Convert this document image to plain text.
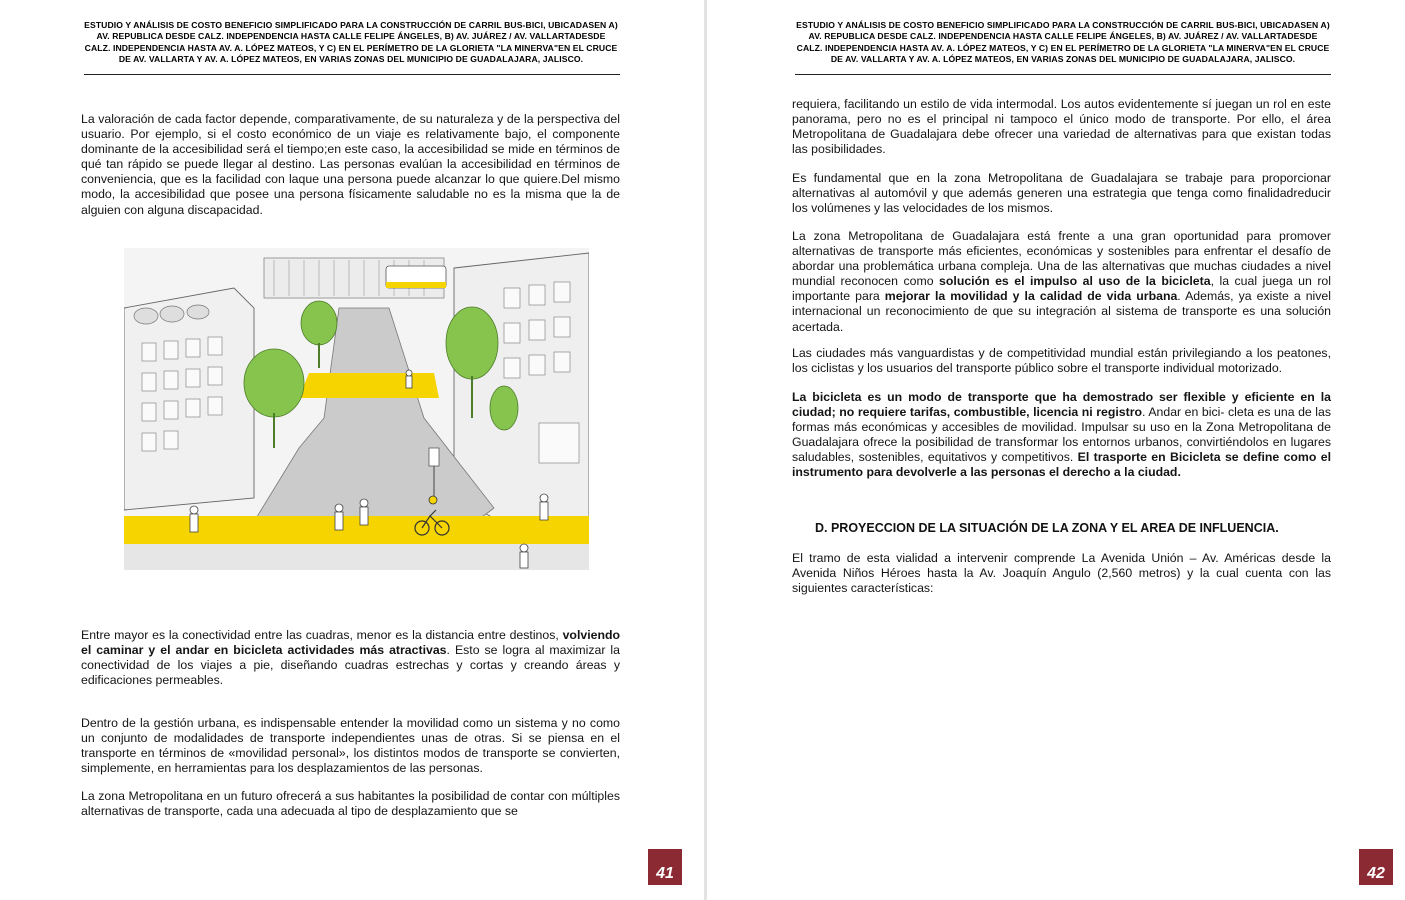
ESTUDIO Y ANÁLISIS DE COSTO BENEFICIO SIMPLIFICADO PARA LA CONSTRUCCIÓN DE CARRIL BUS-BICI, UBICADASEN A)
AV. REPUBLICA DESDE CALZ. INDEPENDENCIA HASTA CALLE FELIPE ÁNGELES, B) AV. JUÁREZ / AV. VALLARTADESDE
CALZ. INDEPENDENCIA HASTA AV. A. LÓPEZ MATEOS, Y C) EN EL PERÍMETRO DE LA GLORIETA "LA MINERVA"EN EL CRUCE
DE AV. VALLARTA Y AV. A. LÓPEZ MATEOS, EN VARIAS ZONAS DEL MUNICIPIO DE GUADALAJARA, JALISCO.

La valoración de cada factor depende, comparativamente, de su naturaleza y de la perspectiva del usuario. Por ejemplo, si el costo económico de un viaje es relativamente bajo, el componente dominante de la accesibilidad será el tiempo;en este caso, la accesibilidad se mide en términos de qué tan rápido se puede llegar al destino. Las personas evalúan la accesibilidad en términos de conveniencia, que es la facilidad con laque una persona puede alcanzar lo que quiere.Del mismo modo, la accesibilidad que posee una persona físicamente saludable no es la misma que la de alguien con alguna discapacidad.

Entre mayor es la conectividad entre las cuadras, menor es la distancia entre destinos, volviendo el caminar y el andar en bicicleta actividades más atractivas. Esto se logra al maximizar la conectividad de los viajes a pie, diseñando cuadras estrechas y cortas y creando áreas y edificaciones permeables.

Dentro de la gestión urbana, es indispensable entender la movilidad como un sistema y no como un conjunto de modalidades de transporte independientes unas de otras. Si se piensa en el transporte en términos de «movilidad personal», los distintos modos de transporte se convierten, simplemente, en herramientas para los desplazamientos de las personas.

La zona Metropolitana en un futuro ofrecerá a sus habitantes la posibilidad de contar con múltiples alternativas de transporte, cada una adecuada al tipo de desplazamiento que se

41
ESTUDIO Y ANÁLISIS DE COSTO BENEFICIO SIMPLIFICADO PARA LA CONSTRUCCIÓN DE CARRIL BUS-BICI, UBICADASEN A)
AV. REPUBLICA DESDE CALZ. INDEPENDENCIA HASTA CALLE FELIPE ÁNGELES, B) AV. JUÁREZ / AV. VALLARTADESDE
CALZ. INDEPENDENCIA HASTA AV. A. LÓPEZ MATEOS, Y C) EN EL PERÍMETRO DE LA GLORIETA "LA MINERVA"EN EL CRUCE
DE AV. VALLARTA Y AV. A. LÓPEZ MATEOS, EN VARIAS ZONAS DEL MUNICIPIO DE GUADALAJARA, JALISCO.

requiera, facilitando un estilo de vida intermodal. Los autos evidentemente sí juegan un rol en este panorama, pero no es el principal ni tampoco el único modo de transporte. Por ello, el área Metropolitana de Guadalajara debe ofrecer una variedad de alternativas para que existan todas las posibilidades.

Es fundamental que en la zona Metropolitana de Guadalajara se trabaje para proporcionar alternativas al automóvil y que además generen una estrategia que tenga como finalidadreducir los volúmenes y las velocidades de los mismos.

La zona Metropolitana de Guadalajara está frente a una gran oportunidad para promover alternativas de transporte más eficientes, económicas y sostenibles para enfrentar el desafío de abordar una problemática urbana compleja. Una de las alternativas que muchas ciudades a nivel mundial reconocen como solución es el impulso al uso de la bicicleta, la cual juega un rol importante para mejorar la movilidad y la calidad de vida urbana. Además, ya existe a nivel internacional un reconocimiento de que su integración al sistema de transporte es una solución acertada.

Las ciudades más vanguardistas y de competitividad mundial están privilegiando a los peatones, los ciclistas y los usuarios del transporte público sobre el transporte individual motorizado.

La bicicleta es un modo de transporte que ha demostrado ser flexible y eficiente en la ciudad; no requiere tarifas, combustible, licencia ni registro. Andar en bici- cleta es una de las formas más económicas y accesibles de movilidad. Impulsar su uso en la Zona Metropolitana de Guadalajara ofrece la posibilidad de transformar los entornos urbanos, convirtiéndolos en lugares saludables, sostenibles, equitativos y competitivos. El trasporte en Bicicleta se define como el instrumento para devolverle a las personas el derecho a la ciudad.

D. PROYECCION DE LA SITUACIÓN DE LA ZONA Y EL AREA DE INFLUENCIA.

El tramo de esta vialidad a intervenir comprende La Avenida Unión – Av. Américas desde la Avenida Niños Héroes hasta la Av. Joaquín Angulo (2,560 metros) y la cual cuenta con las siguientes características:

42
